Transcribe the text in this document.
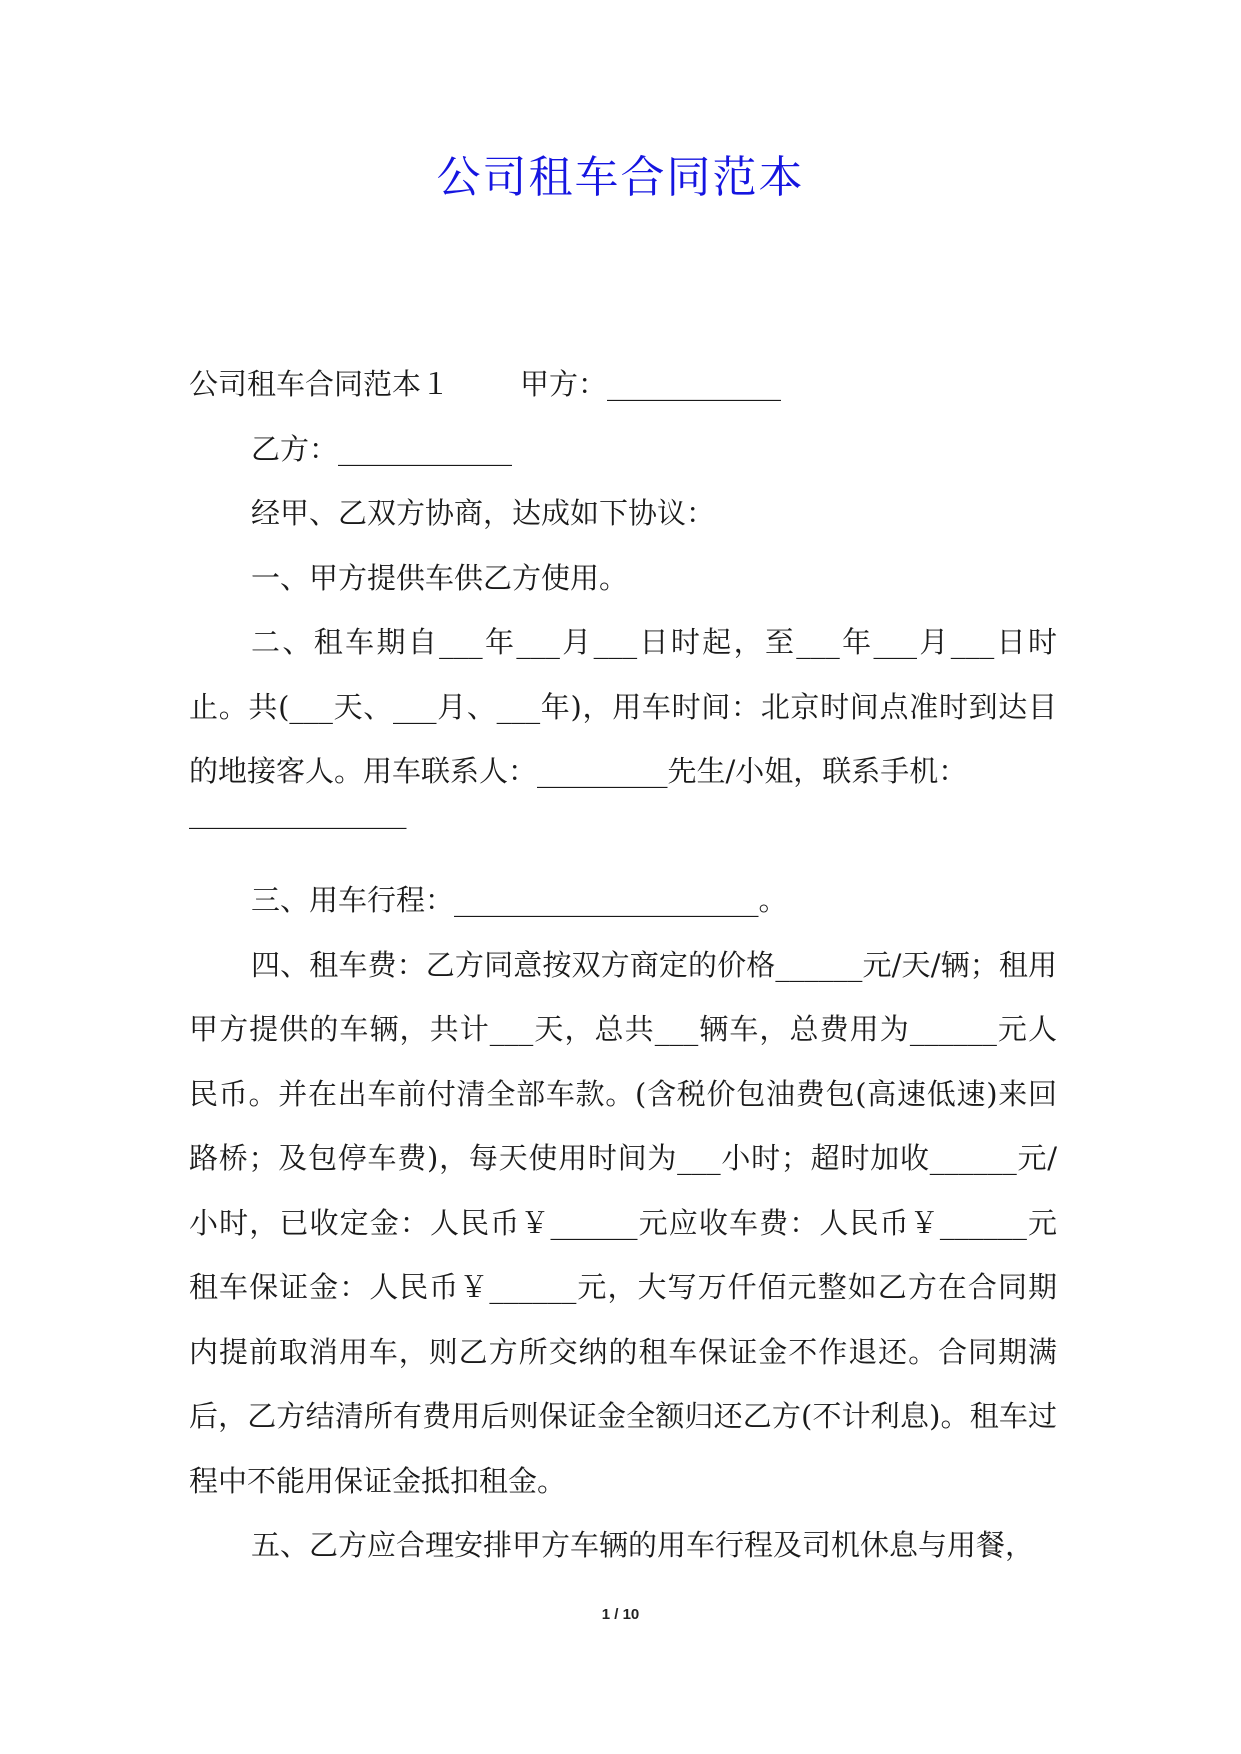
公司租车合同范本

公司租车合同范本１ 甲方：____________

乙方：____________

经甲、乙双方协商，达成如下协议：

一、甲方提供车供乙方使用。

二、租车期自___年___月___日时起，至___年___月___日时止。共(___天、___月、___年)，用车时间：北京时间点准时到达目的地接客人。用车联系人：_________先生/小姐，联系手机：

_______________

三、用车行程：_____________________。

四、租车费：乙方同意按双方商定的价格______元/天/辆；租用甲方提供的车辆，共计___天，总共___辆车，总费用为______元人民币。并在出车前付清全部车款。(含税价包油费包(高速低速)来回路桥；及包停车费)，每天使用时间为___小时；超时加收______元/小时，已收定金：人民币￥______元应收车费：人民币￥______元租车保证金：人民币￥______元，大写万仟佰元整如乙方在合同期内提前取消用车，则乙方所交纳的租车保证金不作退还。合同期满后，乙方结清所有费用后则保证金全额归还乙方(不计利息)。租车过程中不能用保证金抵扣租金。

五、乙方应合理安排甲方车辆的用车行程及司机休息与用餐，

1 / 10
